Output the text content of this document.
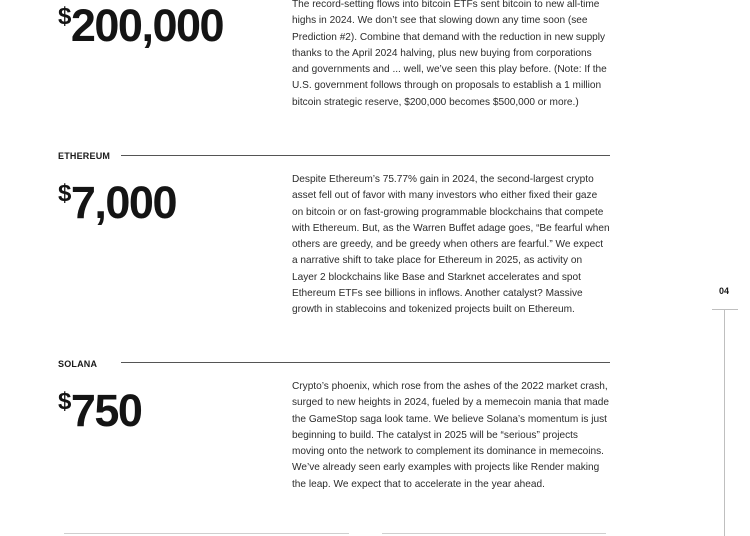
$200,000	The record-setting flows into bitcoin ETFs sent bitcoin to new all-time highs in 2024. We don’t see that slowing down any time soon (see Prediction #2). Combine that demand with the reduction in new supply thanks to the April 2024 halving, plus new buying from corporations and governments and ... well, we’ve seen this play before. (Note: If the U.S. government follows through on proposals to establish a 1 million bitcoin strategic reserve, $200,000 becomes $500,000 or more.)

ETHEREUM
$7,000	Despite Ethereum’s 75.77% gain in 2024, the second-largest crypto asset fell out of favor with many investors who either fixed their gaze on bitcoin or on fast-growing programmable blockchains that compete with Ethereum. But, as the Warren Buffet adage goes, “Be fearful when others are greedy, and be greedy when others are fearful.” We expect a narrative shift to take place for Ethereum in 2025, as activity on Layer 2 blockchains like Base and Starknet accelerates and spot Ethereum ETFs see billions in inflows. Another catalyst? Massive growth in stablecoins and tokenized projects built on Ethereum.

SOLANA
$750	Crypto’s phoenix, which rose from the ashes of the 2022 market crash, surged to new heights in 2024, fueled by a memecoin mania that made the GameStop saga look tame. We believe Solana’s momentum is just beginning to build. The catalyst in 2025 will be “serious” projects moving onto the network to complement its dominance in memecoins. We’ve already seen early examples with projects like Render making the leap. We expect that to accelerate in the year ahead.

04
